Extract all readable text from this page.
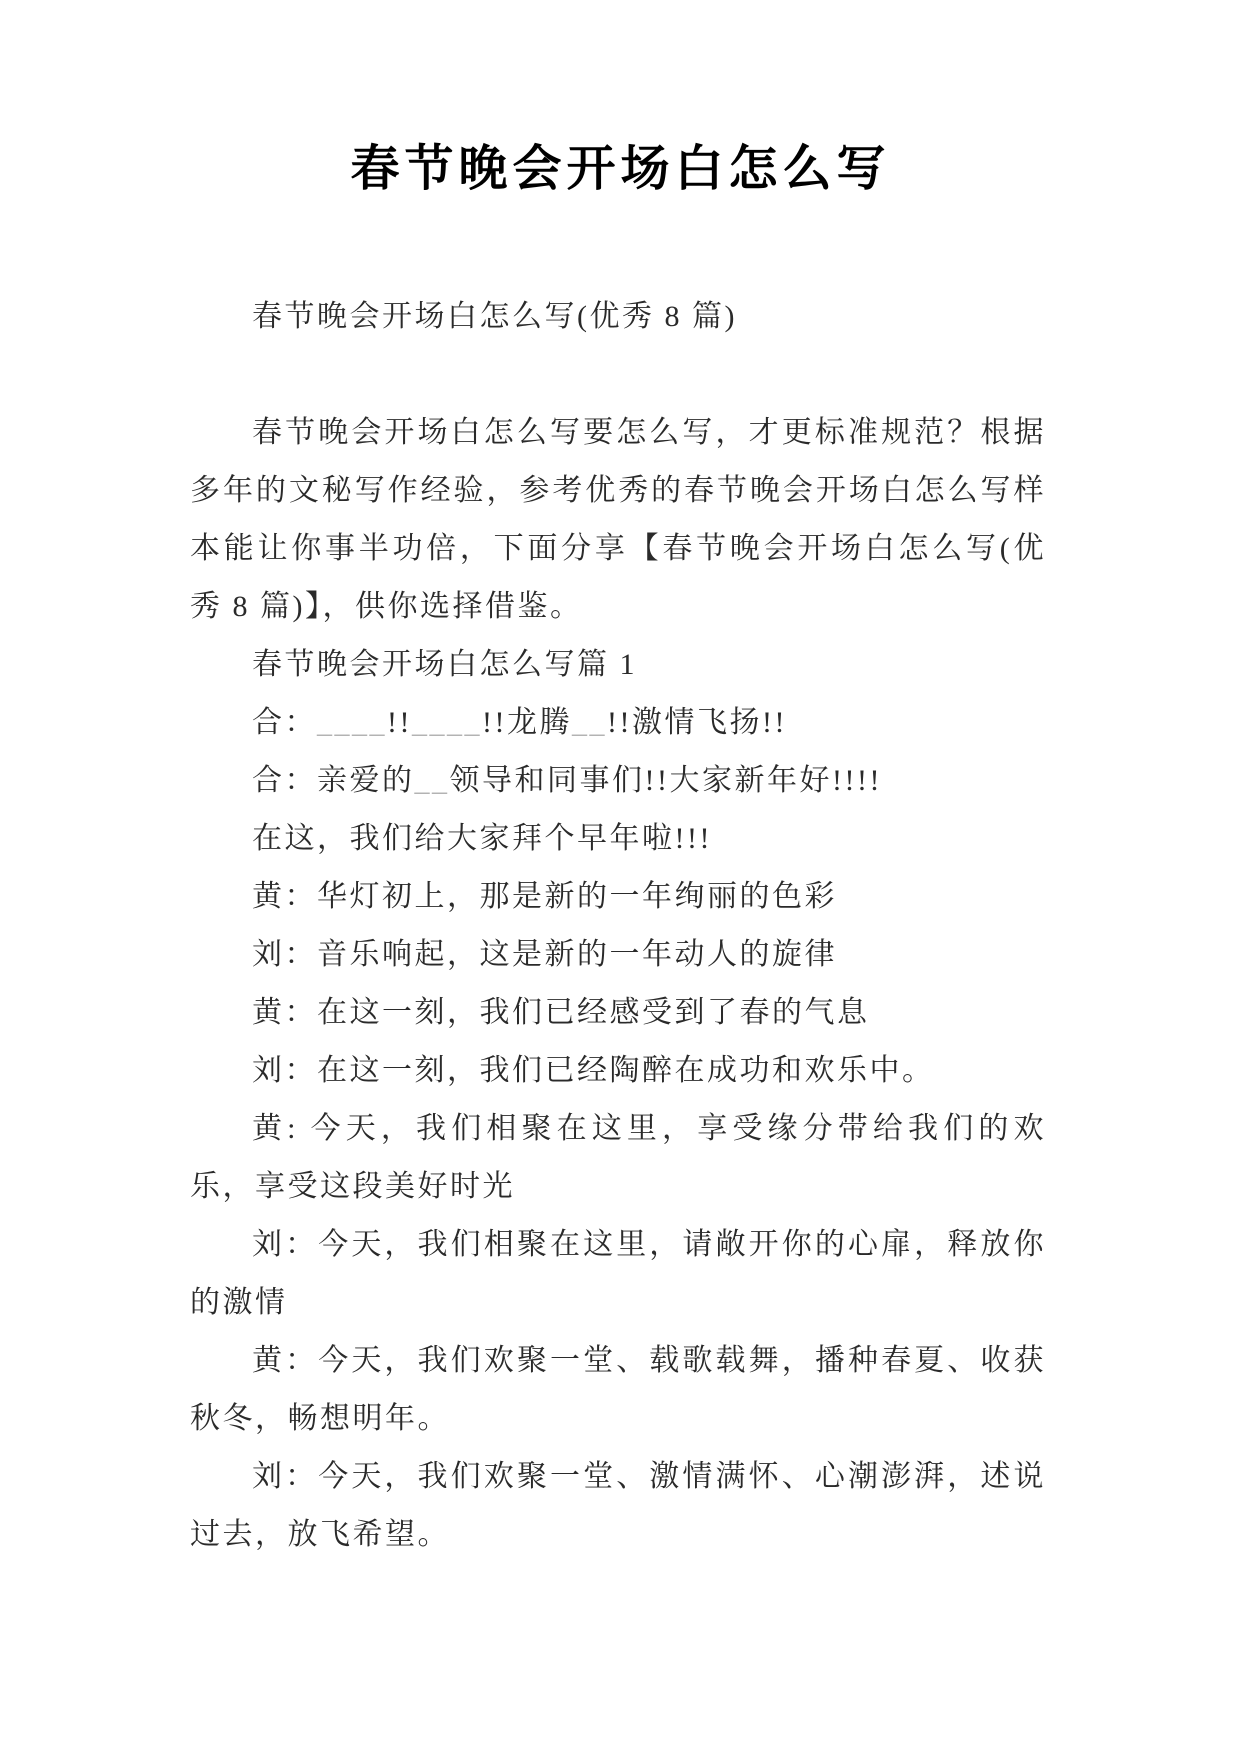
春节晚会开场白怎么写

春节晚会开场白怎么写(优秀 8 篇)

春节晚会开场白怎么写要怎么写，才更标准规范？根据多年的文秘写作经验，参考优秀的春节晚会开场白怎么写样本能让你事半功倍，下面分享【春节晚会开场白怎么写(优秀 8 篇)】，供你选择借鉴。

春节晚会开场白怎么写篇 1

合：____!!____!!龙腾__!!激情飞扬!!

合：亲爱的__领导和同事们!!大家新年好!!!!

在这，我们给大家拜个早年啦!!!

黄：华灯初上，那是新的一年绚丽的色彩

刘：音乐响起，这是新的一年动人的旋律

黄：在这一刻，我们已经感受到了春的气息

刘：在这一刻，我们已经陶醉在成功和欢乐中。

黄: 今天，我们相聚在这里，享受缘分带给我们的欢乐，享受这段美好时光

刘：今天，我们相聚在这里，请敞开你的心扉，释放你的激情

黄：今天，我们欢聚一堂、载歌载舞，播种春夏、收获秋冬，畅想明年。

刘：今天，我们欢聚一堂、激情满怀、心潮澎湃，述说过去，放飞希望。
